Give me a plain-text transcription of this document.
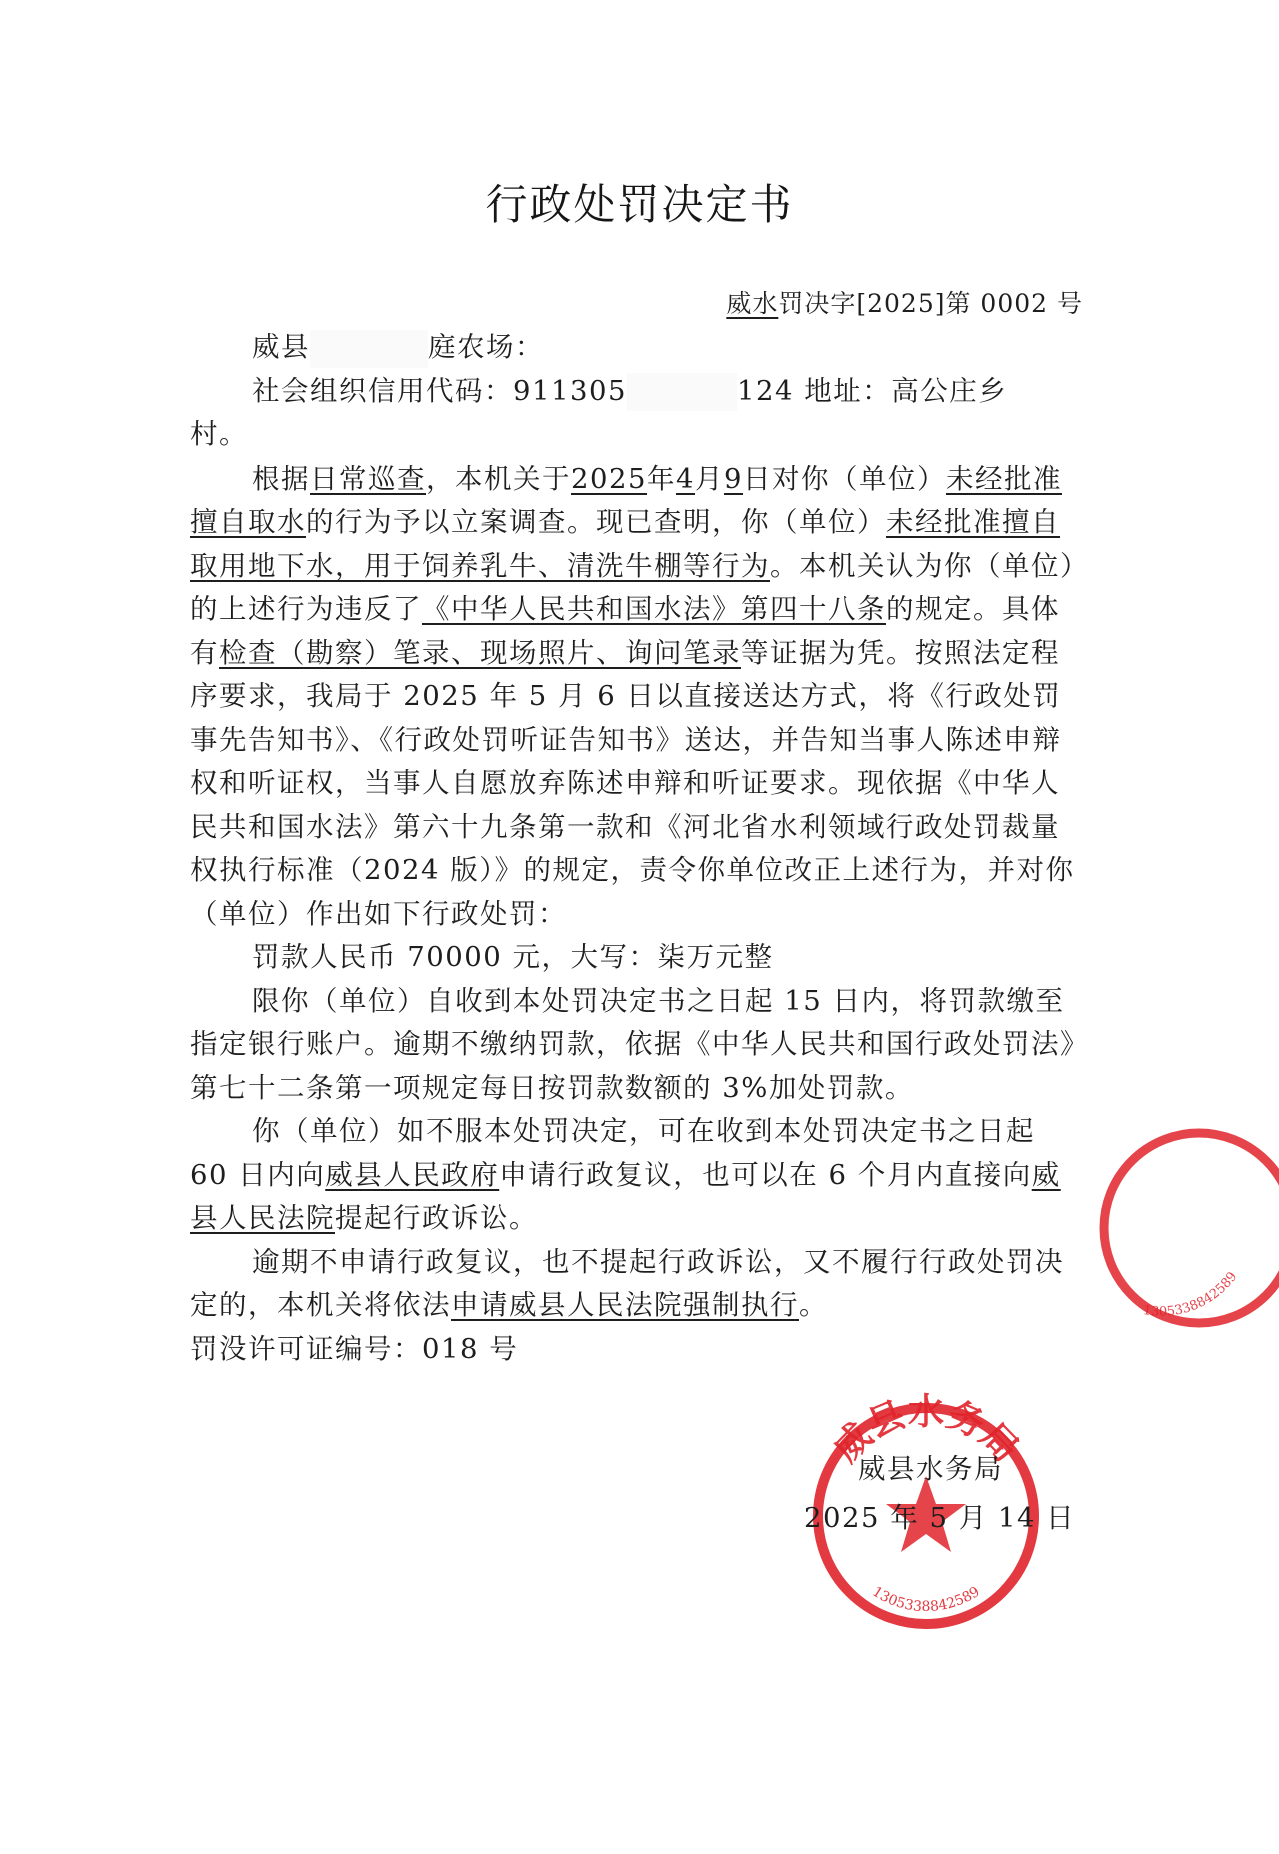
行政处罚决定书
威水罚决字[2025]第 0002 号

威县	庭农场：

社会组织信用代码：911305	124 地址：高公庄乡

村。

根据日常巡查，本机关于2025年4月9日对你（单位）未经批准擅自取水的行为予以立案调查。现已查明，你（单位）未经批准擅自取用地下水，用于饲养乳牛、清洗牛棚等行为。本机关认为你（单位）的上述行为违反了《中华人民共和国水法》第四十八条的规定。具体有检查（勘察）笔录、现场照片、询问笔录等证据为凭。按照法定程序要求，我局于 2025 年 5 月 6 日以直接送达方式，将《行政处罚事先告知书》、《行政处罚听证告知书》送达，并告知当事人陈述申辩权和听证权，当事人自愿放弃陈述申辩和听证要求。现依据《中华人民共和国水法》第六十九条第一款和《河北省水利领域行政处罚裁量权执行标准（2024 版）》的规定，责令你单位改正上述行为，并对你（单位）作出如下行政处罚：

罚款人民币 70000 元，大写：柒万元整

限你（单位）自收到本处罚决定书之日起 15 日内，将罚款缴至指定银行账户。逾期不缴纳罚款，依据《中华人民共和国行政处罚法》第七十二条第一项规定每日按罚款数额的 3%加处罚款。

你（单位）如不服本处罚决定，可在收到本处罚决定书之日起 60 日内向威县人民政府申请行政复议，也可以在 6 个月内直接向威县人民法院提起行政诉讼。

逾期不申请行政复议，也不提起行政诉讼，又不履行行政处罚决定的，本机关将依法申请威县人民法院强制执行。

罚没许可证编号：018 号

威县水务局
1305338842589
1305338842589
威县水务局
2025 年 5 月 14 日
